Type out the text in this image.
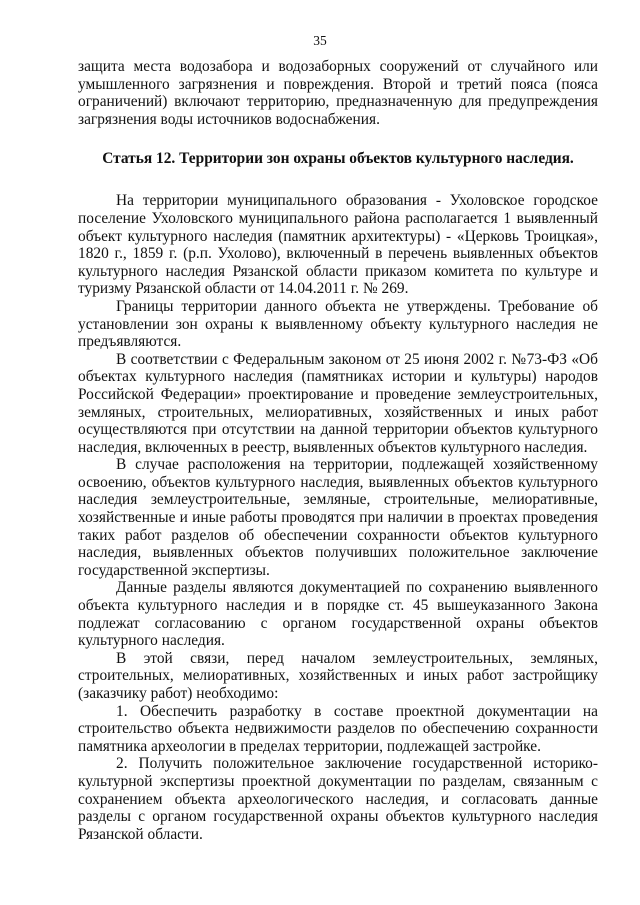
35

защита места водозабора и водозаборных сооружений от случайного или умышленного загрязнения и повреждения. Второй и третий пояса (пояса ограничений) включают территорию, предназначенную для предупреждения загрязнения воды источников водоснабжения.

Статья 12. Территории зон охраны объектов культурного наследия.

На территории муниципального образования - Ухоловское городское поселение Ухоловского муниципального района располагается 1 выявленный объект культурного наследия (памятник архитектуры) - «Церковь Троицкая», 1820 г., 1859 г. (р.п. Ухолово), включенный в перечень выявленных объектов культурного наследия Рязанской области приказом комитета по культуре и туризму Рязанской области от 14.04.2011 г. № 269.

Границы территории данного объекта не утверждены. Требование об установлении зон охраны к выявленному объекту культурного наследия не предъявляются.

В соответствии с Федеральным законом от 25 июня 2002 г. №73-ФЗ «Об объектах культурного наследия (памятниках истории и культуры) народов Российской Федерации» проектирование и проведение землеустроительных, земляных, строительных, мелиоративных, хозяйственных и иных работ осуществляются при отсутствии на данной территории объектов культурного наследия, включенных в реестр, выявленных объектов культурного наследия.

В случае расположения на территории, подлежащей хозяйственному освоению, объектов культурного наследия, выявленных объектов культурного наследия землеустроительные, земляные, строительные, мелиоративные, хозяйственные и иные работы проводятся при наличии в проектах проведения таких работ разделов об обеспечении сохранности объектов культурного наследия, выявленных объектов получивших положительное заключение государственной экспертизы.

Данные разделы являются документацией по сохранению выявленного объекта культурного наследия и в порядке ст. 45 вышеуказанного Закона подлежат согласованию с органом государственной охраны объектов культурного наследия.

В этой связи, перед началом землеустроительных, земляных, строительных, мелиоративных, хозяйственных и иных работ застройщику (заказчику работ) необходимо:

1. Обеспечить разработку в составе проектной документации на строительство объекта недвижимости разделов по обеспечению сохранности памятника археологии в пределах территории, подлежащей застройке.

2. Получить положительное заключение государственной историко-культурной экспертизы проектной документации по разделам, связанным с сохранением объекта археологического наследия, и согласовать данные разделы с органом государственной охраны объектов культурного наследия Рязанской области.
